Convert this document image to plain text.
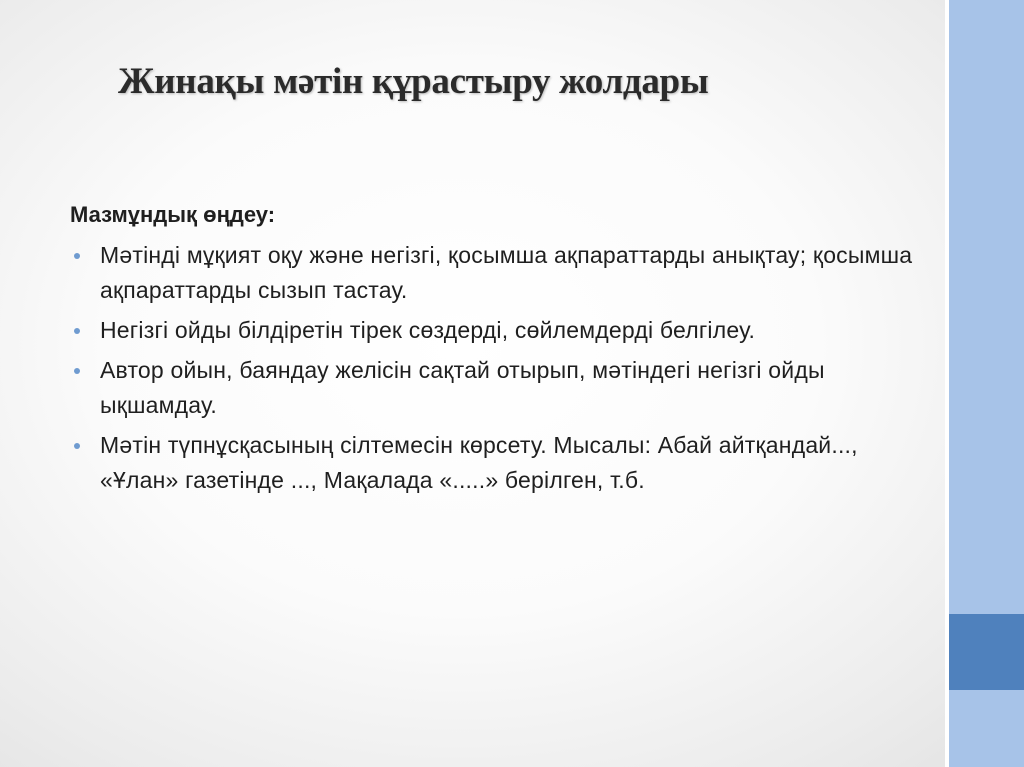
Жинақы мәтін құрастыру жолдары
Мазмұндық өңдеу:
Мәтінді мұқият оқу және негізгі, қосымша ақпараттарды анықтау; қосымша ақпараттарды сызып тастау.
Негізгі ойды білдіретін тірек сөздерді, сөйлемдерді белгілеу.
Автор ойын, баяндау желісін сақтай отырып, мәтіндегі негізгі ойды ықшамдау.
Мәтін түпнұсқасының сілтемесін көрсету. Мысалы: Абай айтқандай..., «Ұлан» газетінде ..., Мақалада «.....» берілген, т.б.
